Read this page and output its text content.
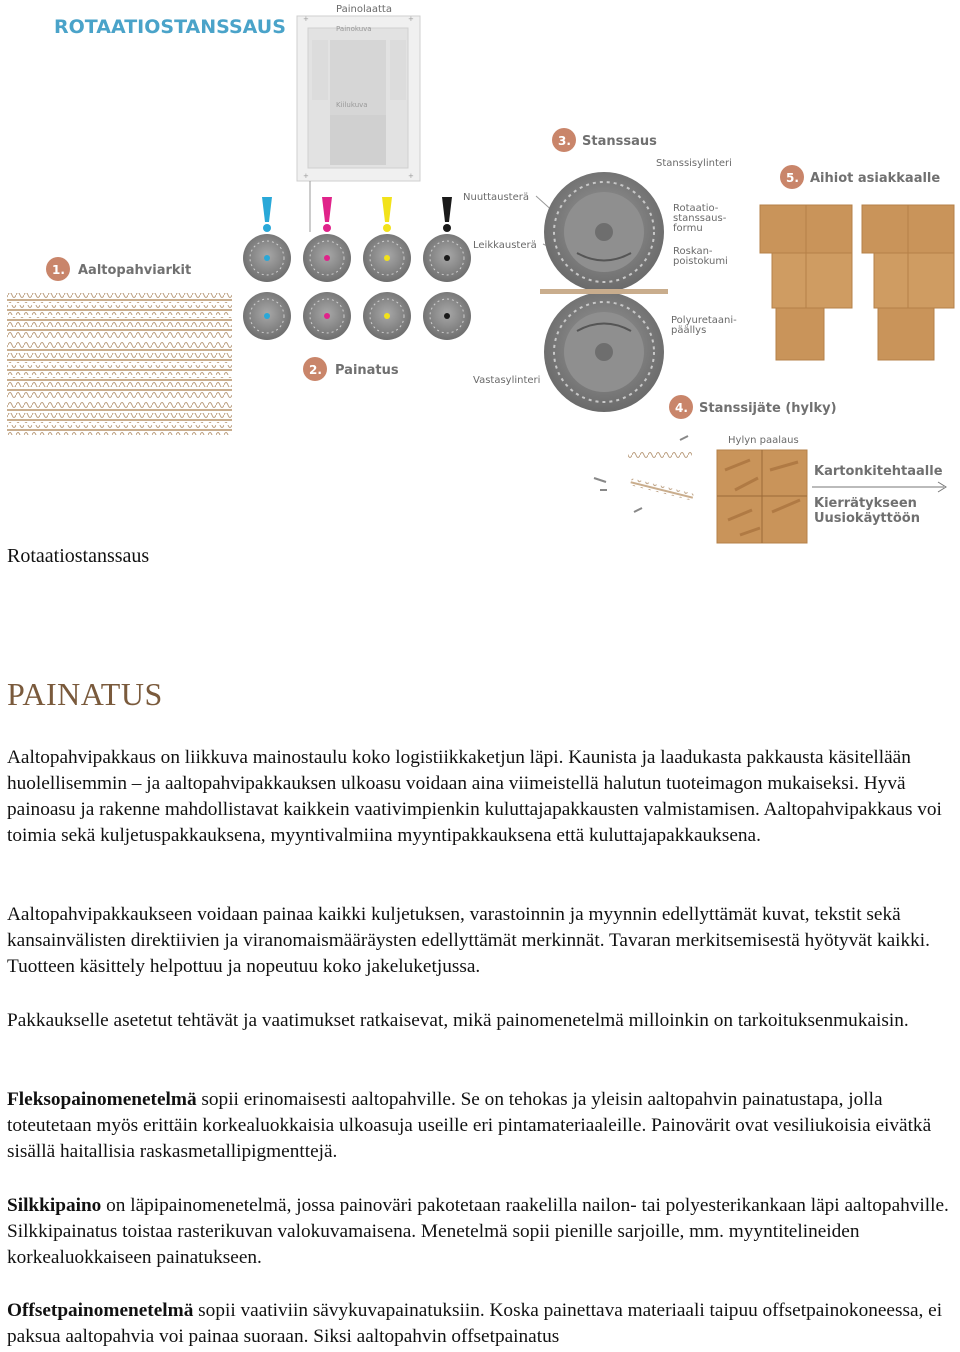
ROTAATIOSTANSSAUS
Painolaatta
Painokuva
Kiilukuva
+	+
+	+
1. Aaltopahviarkit
2. Painatus
Nuuttausterä
Leikkausterä
3. Stanssaus
Stanssisylinteri
Rotaatio-
stanssaus-
formu
Roskan-
poistokumi
Polyuretaani-
päällys
Vastasylinteri
5. Aihiot asiakkaalle
4. Stanssijäte (hylky)
Hylyn paalaus
Kartonkitehtaalle
Kierrätykseen
Uusiokäyttöön
Rotaatiostanssaus
PAINATUS
Aaltopahvipakkaus on liikkuva mainostaulu koko logistiikkaketjun läpi. Kaunista ja laadukasta pakkausta käsitellään huolellisemmin – ja aaltopahvipakkauksen ulkoasu voidaan aina viimeistellä halutun tuoteimagon mukaiseksi. Hyvä painoasu ja rakenne mahdollistavat kaikkein vaativimpienkin kuluttajapakkausten valmistamisen. Aaltopahvipakkaus voi toimia sekä kuljetuspakkauksena, myyntivalmiina myyntipakkauksena että kuluttajapakkauksena.
Aaltopahvipakkaukseen voidaan painaa kaikki kuljetuksen, varastoinnin ja myynnin edellyttämät kuvat, tekstit sekä kansainvälisten direktiivien ja viranomaismääräysten edellyttämät merkinnät. Tavaran merkitsemisestä hyötyvät kaikki. Tuotteen käsittely helpottuu ja nopeutuu koko jakeluketjussa.
Pakkaukselle asetetut tehtävät ja vaatimukset ratkaisevat, mikä painomenetelmä milloinkin on tarkoituksenmukaisin.
Fleksopainomenetelmä sopii erinomaisesti aaltopahville. Se on tehokas ja yleisin aaltopahvin painatustapa, jolla toteutetaan myös erittäin korkealuokkaisia ulkoasuja useille eri pintamateriaaleille. Painovärit ovat vesiliukoisia eivätkä sisällä haitallisia raskasmetallipigmenttejä.
Silkkipaino on läpipainomenetelmä, jossa painoväri pakotetaan raakelilla nailon- tai polyesterikankaan läpi aaltopahville. Silkkipainatus toistaa rasterikuvan valokuvamaisena. Menetelmä sopii pienille sarjoille, mm. myyntitelineiden korkealuokkaiseen painatukseen.
Offsetpainomenetelmä sopii vaativiin sävykuvapainatuksiin. Koska painettava materiaali taipuu offsetpainokoneessa, ei paksua aaltopahvia voi painaa suoraan. Siksi aaltopahvin offsetpainatus
